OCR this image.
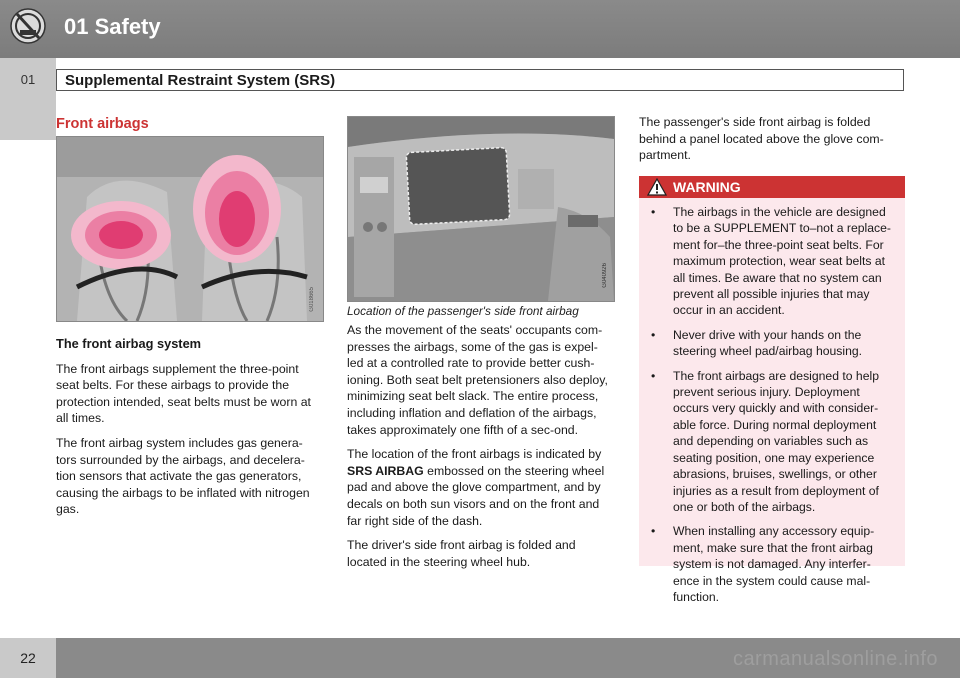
01 Safety
01	Supplemental Restraint System (SRS)
Front airbags
G018665

The front airbag system

The front airbags supplement the three-point seat belts. For these airbags to provide the protection intended, seat belts must be worn at all times.

The front airbag system includes gas genera-tors surrounded by the airbags, and decelera-tion sensors that activate the gas generators, causing the airbags to be inflated with nitrogen gas.

G040926
Location of the passenger's side front airbag

As the movement of the seats' occupants com-presses the airbags, some of the gas is expel-led at a controlled rate to provide better cush-ioning. Both seat belt pretensioners also deploy, minimizing seat belt slack. The entire process, including inflation and deflation of the airbags, takes approximately one fifth of a sec-ond.

The location of the front airbags is indicated by SRS AIRBAG embossed on the steering wheel pad and above the glove compartment, and by decals on both sun visors and on the front and far right side of the dash.

The driver's side front airbag is folded and located in the steering wheel hub.

The passenger's side front airbag is folded behind a panel located above the glove com-partment.

WARNING
• The airbags in the vehicle are designed to be a SUPPLEMENT to–not a replace-ment for–the three-point seat belts. For maximum protection, wear seat belts at all times. Be aware that no system can prevent all possible injuries that may occur in an accident.
• Never drive with your hands on the steering wheel pad/airbag housing.
• The front airbags are designed to help prevent serious injury. Deployment occurs very quickly and with consider-able force. During normal deployment and depending on variables such as seating position, one may experience abrasions, bruises, swellings, or other injuries as a result from deployment of one or both of the airbags.
• When installing any accessory equip-ment, make sure that the front airbag system is not damaged. Any interfer-ence in the system could cause mal-function.
22	carmanualsonline.info
